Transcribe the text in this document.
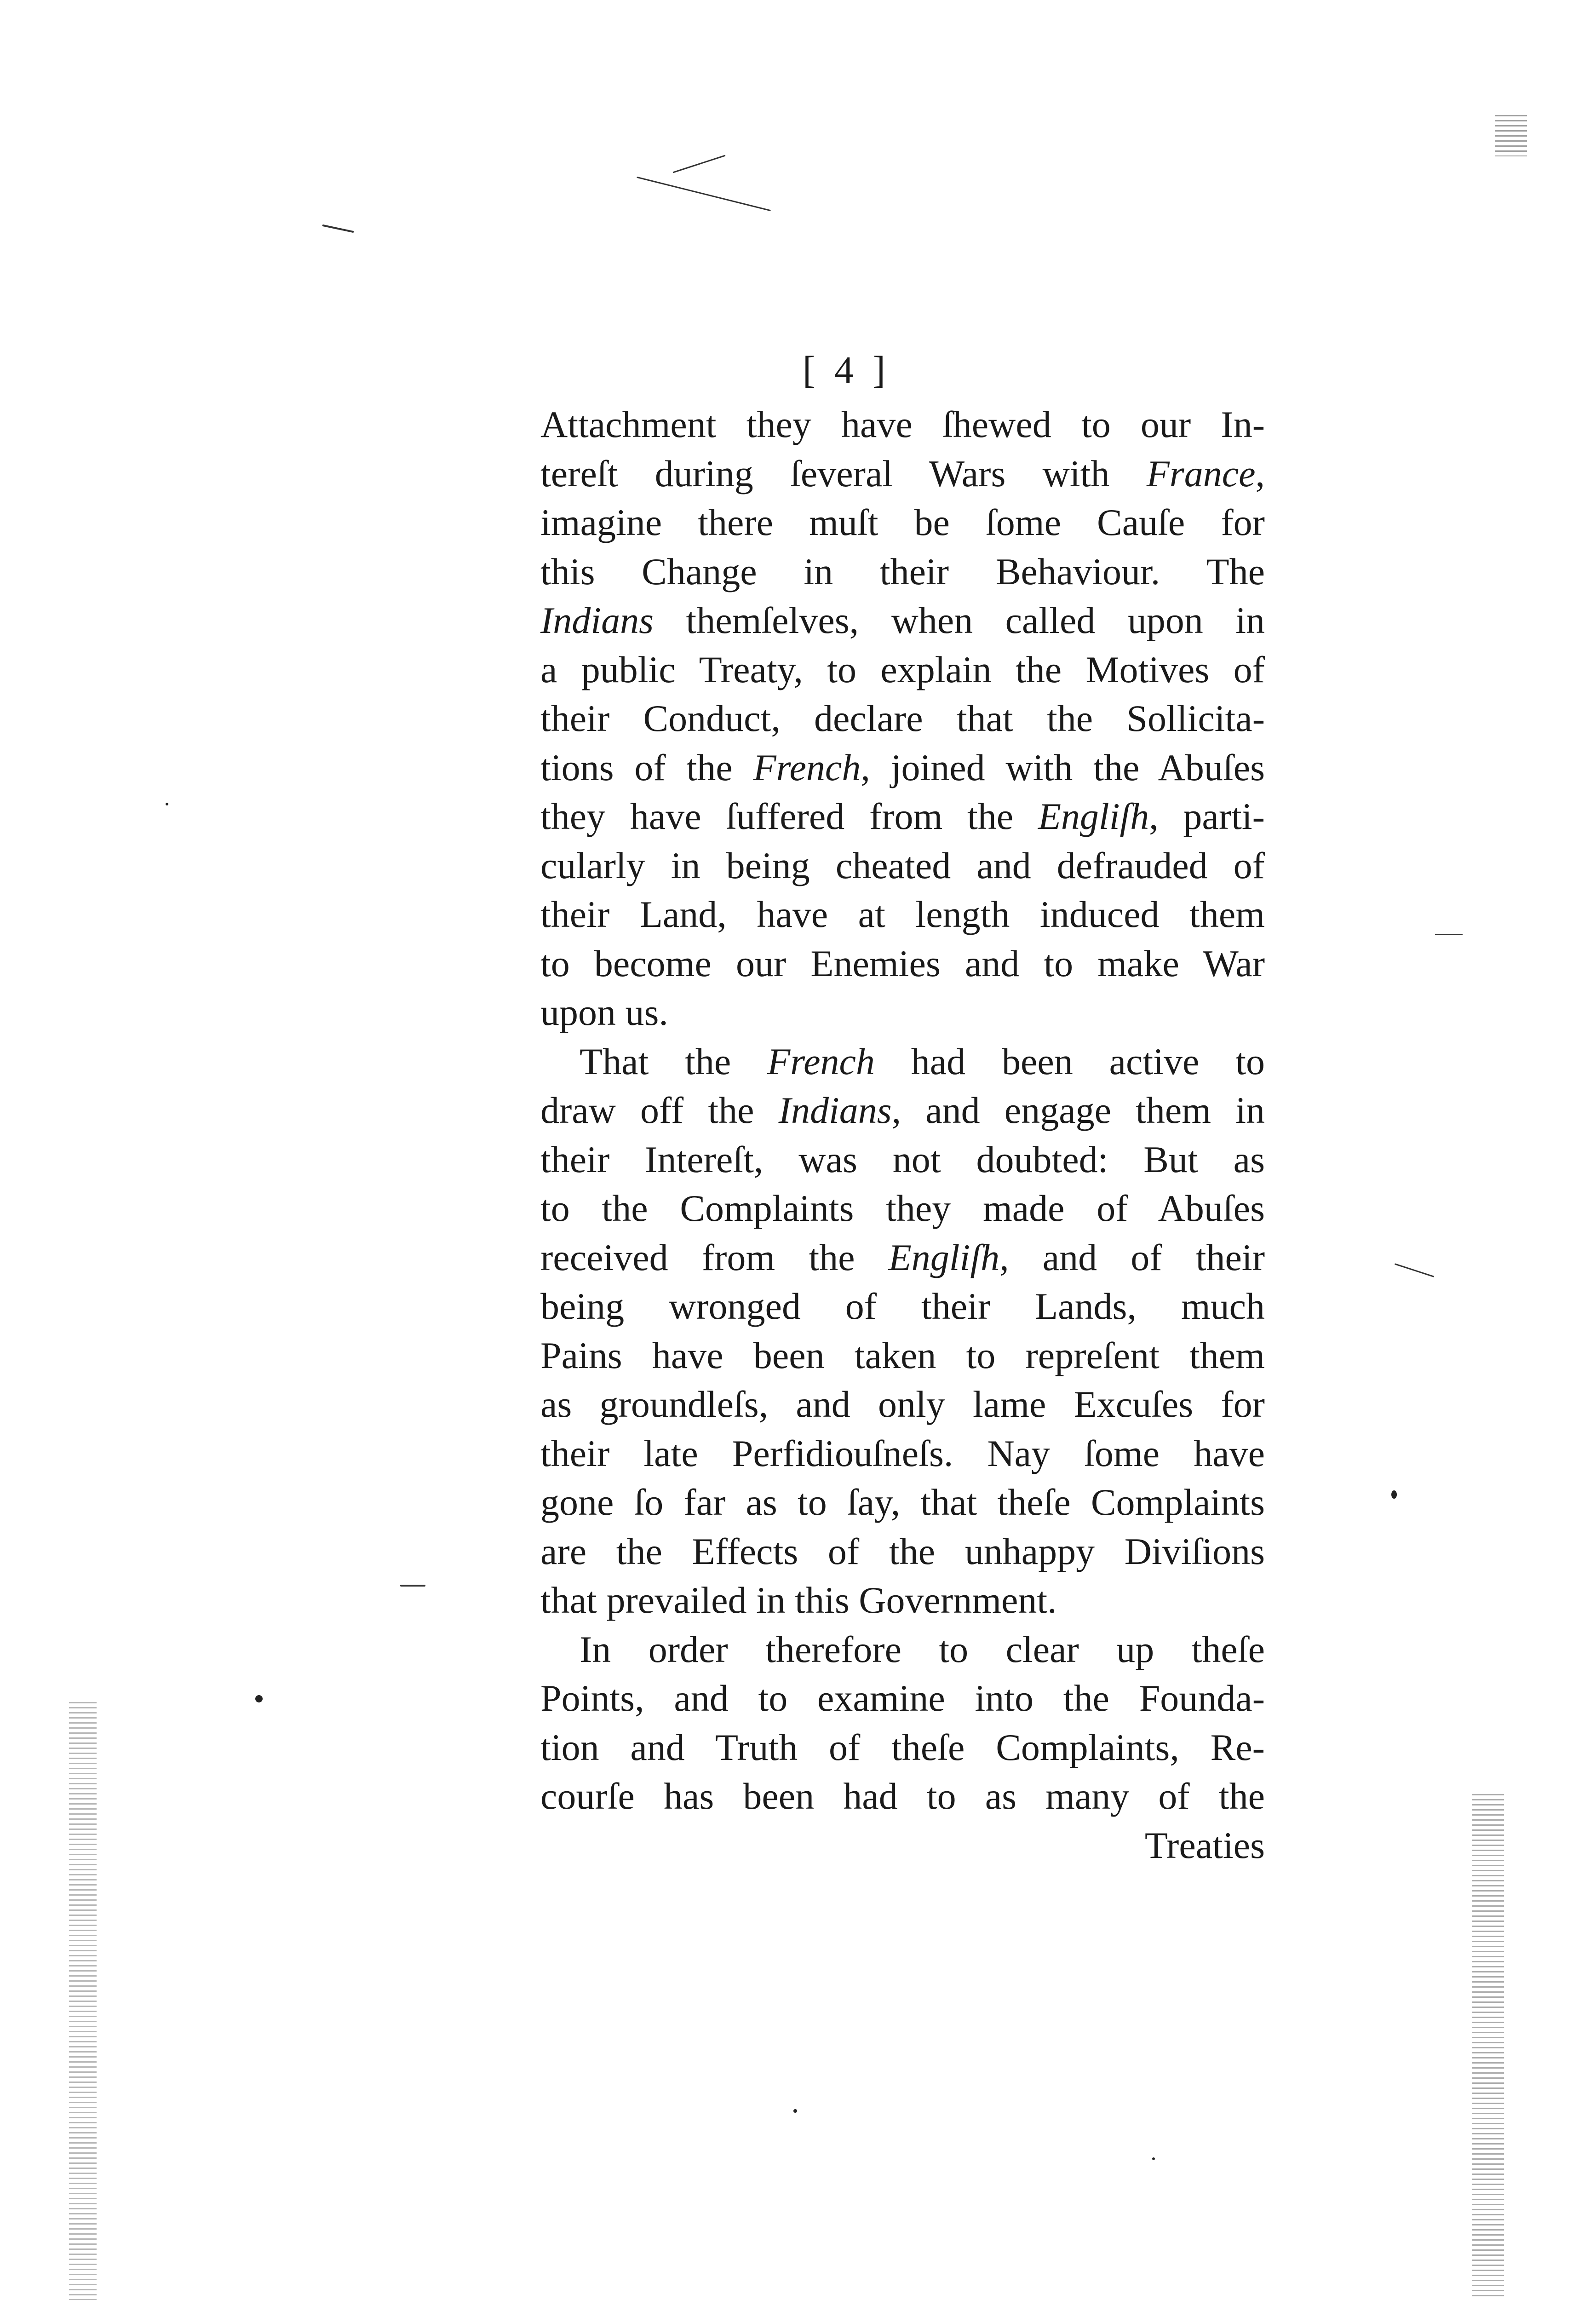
[ 4 ]
Attachment they have ſhewed to our In-
tereſt during ſeveral Wars with France,
imagine there muſt be ſome Cauſe for
this Change in their Behaviour. The
Indians themſelves, when called upon in
a public Treaty, to explain the Motives of
their Conduct, declare that the Sollicita-
tions of the French, joined with the Abuſes
they have ſuffered from the Engliſh, parti-
cularly in being cheated and defrauded of
their Land, have at length induced them
to become our Enemies and to make War
upon us.
That the French had been active to
draw off the Indians, and engage them in
their Intereſt, was not doubted: But as
to the Complaints they made of Abuſes
received from the Engliſh, and of their
being wronged of their Lands, much
Pains have been taken to repreſent them
as groundleſs, and only lame Excuſes for
their late Perfidiouſneſs. Nay ſome have
gone ſo far as to ſay, that theſe Complaints
are the Effects of the unhappy Diviſions
that prevailed in this Government.
In order therefore to clear up theſe
Points, and to examine into the Founda-
tion and Truth of theſe Complaints, Re-
courſe has been had to as many of the
Treaties
